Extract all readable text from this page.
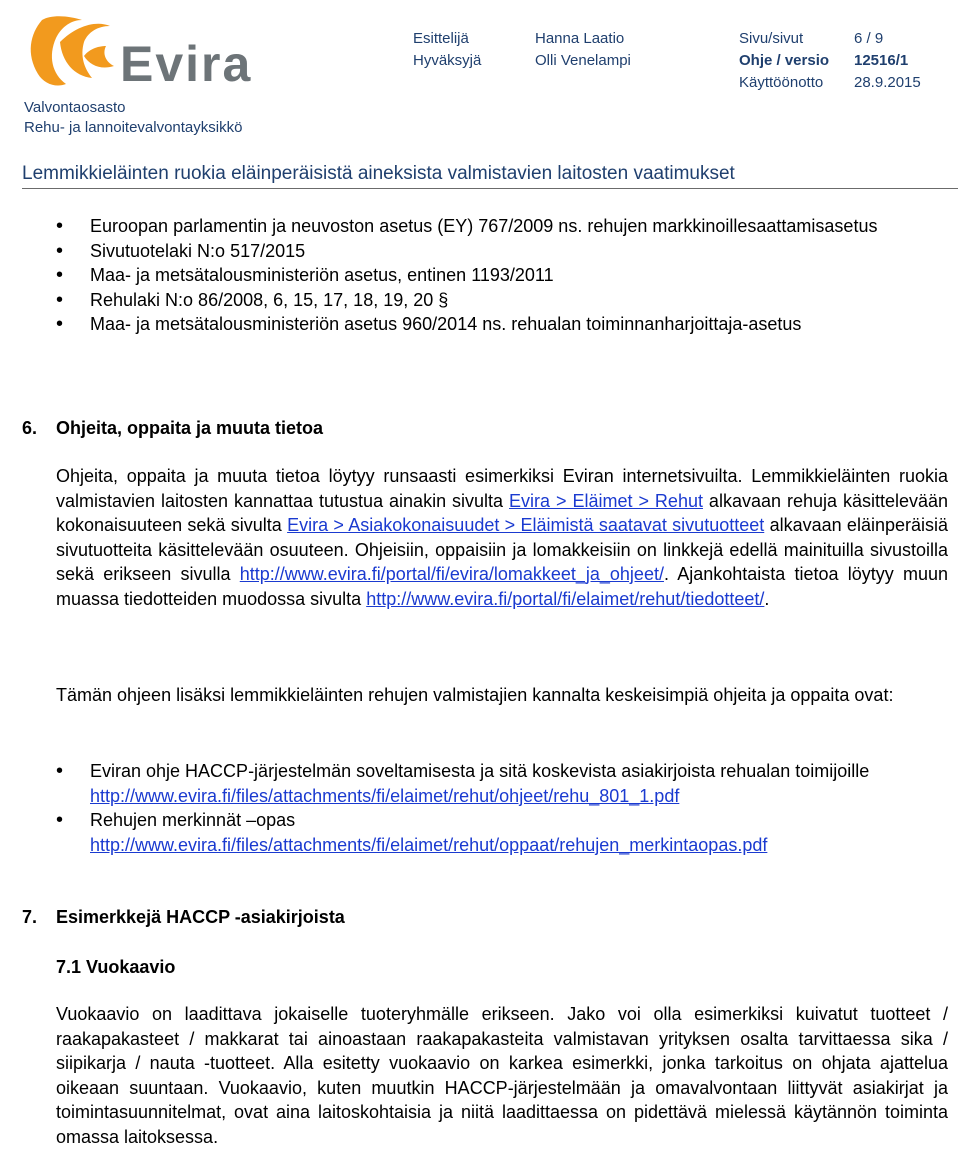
Evira	Esittelijä	Hanna Laatio	Sivu/sivut	6 / 9
Hyväksyjä	Olli Venelampi	Ohje / versio 12516/1
Käyttöönotto 28.9.2015
Valvontaosasto
Rehu- ja lannoitevalvontayksikkö
Lemmikkieläinten ruokia eläinperäisistä aineksista valmistavien laitosten vaatimukset
• Euroopan parlamentin ja neuvoston asetus (EY) 767/2009 ns. rehujen markkinoillesaattamisasetus
• Sivutuotelaki N:o 517/2015
• Maa- ja metsätalousministeriön asetus, entinen 1193/2011
• Rehulaki N:o 86/2008, 6, 15, 17, 18, 19, 20 §
• Maa- ja metsätalousministeriön asetus 960/2014 ns. rehualan toiminnanharjoittaja-asetus
6. Ohjeita, oppaita ja muuta tietoa

Ohjeita, oppaita ja muuta tietoa löytyy runsaasti esimerkiksi Eviran internetsivuilta. Lemmikkieläinten ruokia valmistavien laitosten kannattaa tutustua ainakin sivulta Evira > Eläimet > Rehut alkavaan rehuja käsittelevään kokonaisuuteen sekä sivulta Evira > Asiakokonaisuudet > Eläimistä saatavat sivutuotteet alkavaan eläinperäisiä sivutuotteita käsittelevään osuuteen. Ohjeisiin, oppaisiin ja lomakkeisiin on linkkejä edellä mainituilla sivustoilla sekä erikseen sivulla http://www.evira.fi/portal/fi/evira/lomakkeet_ja_ohjeet/. Ajankohtaista tietoa löytyy muun muassa tiedotteiden muodossa sivulta http://www.evira.fi/portal/fi/elaimet/rehut/tiedotteet/.

Tämän ohjeen lisäksi lemmikkieläinten rehujen valmistajien kannalta keskeisimpiä ohjeita ja oppaita ovat:

• Eviran ohje HACCP-järjestelmän soveltamisesta ja sitä koskevista asiakirjoista rehualan toimijoille http://www.evira.fi/files/attachments/fi/elaimet/rehut/ohjeet/rehu_801_1.pdf
• Rehujen merkinnät –opas http://www.evira.fi/files/attachments/fi/elaimet/rehut/oppaat/rehujen_merkintaopas.pdf
7. Esimerkkejä HACCP -asiakirjoista
7.1 Vuokaavio

Vuokaavio on laadittava jokaiselle tuoteryhmälle erikseen. Jako voi olla esimerkiksi kuivatut tuotteet / raakapakasteet / makkarat tai ainoastaan raakapakasteita valmistavan yrityksen osalta tarvittaessa sika / siipikarja / nauta -tuotteet. Alla esitetty vuokaavio on karkea esimerkki, jonka tarkoitus on ohjata ajattelua oikeaan suuntaan. Vuokaavio, kuten muutkin HACCP-järjestelmään ja omavalvontaan liittyvät asiakirjat ja toimintasuunnitelmat, ovat aina laitoskohtaisia ja niitä laadittaessa on pidettävä mielessä käytännön toiminta omassa laitoksessa.
